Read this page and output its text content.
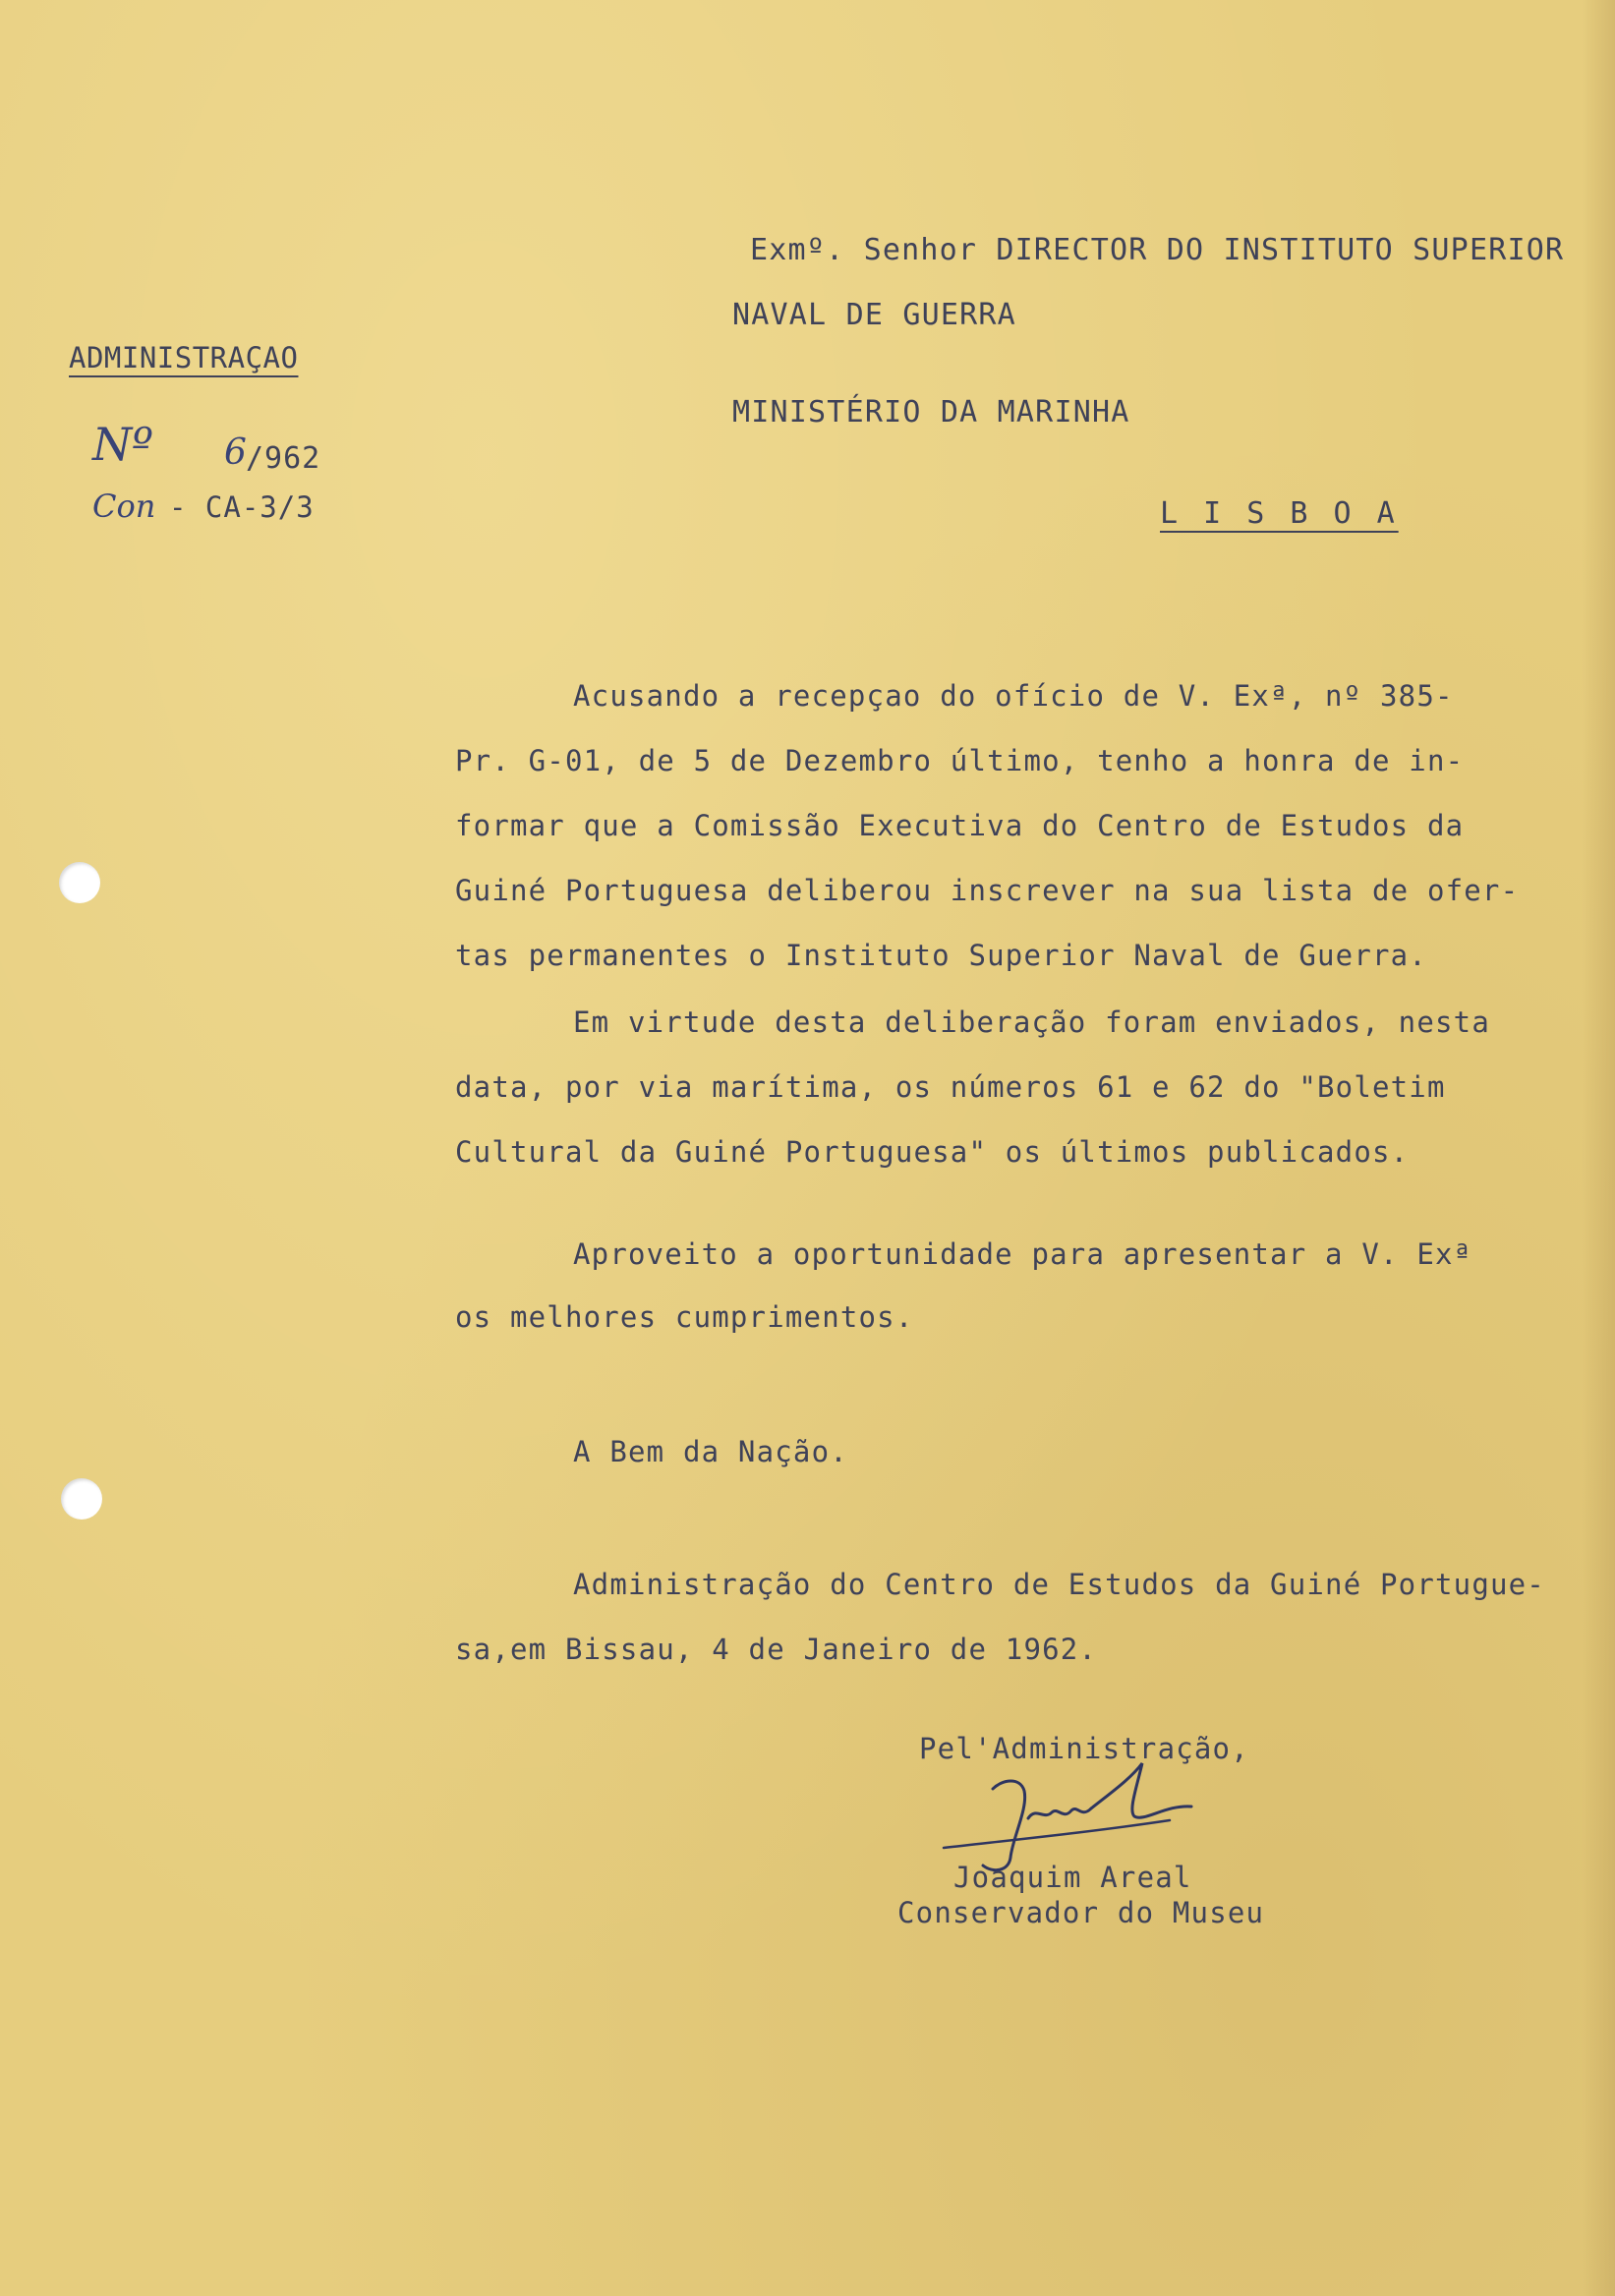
Exmº. Senhor DIRECTOR DO INSTITUTO SUPERIOR

NAVAL DE GUERRA

MINISTÉRIO DA MARINHA

L I S B O A

ADMINISTRAÇAO

Nº 6 /962

Con - CA-3/3

Acusando a recepçao do ofício de V. Exª, nº 385-

Pr. G-01, de 5 de Dezembro último, tenho a honra de in-

formar que a Comissão Executiva do Centro de Estudos da

Guiné Portuguesa deliberou inscrever na sua lista de ofer-

tas permanentes o Instituto Superior Naval de Guerra.

Em virtude desta deliberação foram enviados, nesta

data, por via marítima, os números 61 e 62 do "Boletim

Cultural da Guiné Portuguesa" os últimos publicados.

Aproveito a oportunidade para apresentar a V. Exª

os melhores cumprimentos.

A Bem da Nação.

Administração do Centro de Estudos da Guiné Portugue-

sa,em Bissau, 4 de Janeiro de 1962.

Pel'Administração,

Joaquim Areal

Conservador do Museu
